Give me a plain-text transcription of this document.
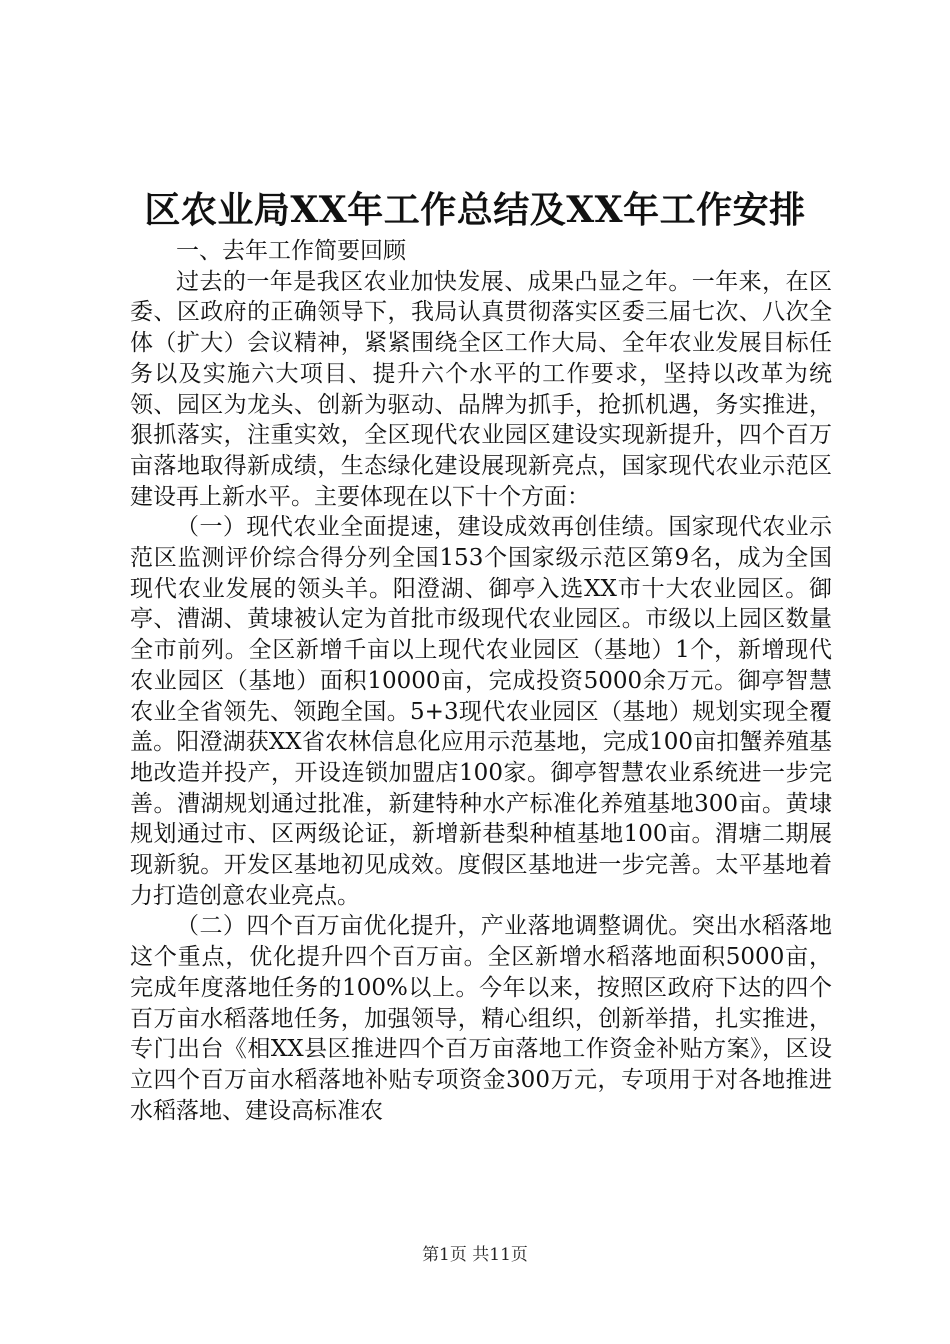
区农业局XX年工作总结及XX年工作安排

一、去年工作简要回顾

过去的一年是我区农业加快发展、成果凸显之年。一年来，在区委、区政府的正确领导下，我局认真贯彻落实区委三届七次、八次全体（扩大）会议精神，紧紧围绕全区工作大局、全年农业发展目标任务以及实施六大项目、提升六个水平的工作要求，坚持以改革为统领、园区为龙头、创新为驱动、品牌为抓手，抢抓机遇，务实推进，狠抓落实，注重实效，全区现代农业园区建设实现新提升，四个百万亩落地取得新成绩，生态绿化建设展现新亮点，国家现代农业示范区建设再上新水平。主要体现在以下十个方面：

（一）现代农业全面提速，建设成效再创佳绩。国家现代农业示范区监测评价综合得分列全国153个国家级示范区第9名，成为全国现代农业发展的领头羊。阳澄湖、御亭入选XX市十大农业园区。御亭、漕湖、黄埭被认定为首批市级现代农业园区。市级以上园区数量全市前列。全区新增千亩以上现代农业园区（基地）1个，新增现代农业园区（基地）面积10000亩，完成投资5000余万元。御亭智慧农业全省领先、领跑全国。5+3现代农业园区（基地）规划实现全覆盖。阳澄湖获XX省农林信息化应用示范基地，完成100亩扣蟹养殖基地改造并投产，开设连锁加盟店100家。御亭智慧农业系统进一步完善。漕湖规划通过批准，新建特种水产标准化养殖基地300亩。黄埭规划通过市、区两级论证，新增新巷梨种植基地100亩。渭塘二期展现新貌。开发区基地初见成效。度假区基地进一步完善。太平基地着力打造创意农业亮点。

（二）四个百万亩优化提升，产业落地调整调优。突出水稻落地这个重点，优化提升四个百万亩。全区新增水稻落地面积5000亩，完成年度落地任务的100%以上。今年以来，按照区政府下达的四个百万亩水稻落地任务，加强领导，精心组织，创新举措，扎实推进，专门出台《相XX县区推进四个百万亩落地工作资金补贴方案》，区设立四个百万亩水稻落地补贴专项资金300万元，专项用于对各地推进水稻落地、建设高标准农

第1页 共11页
